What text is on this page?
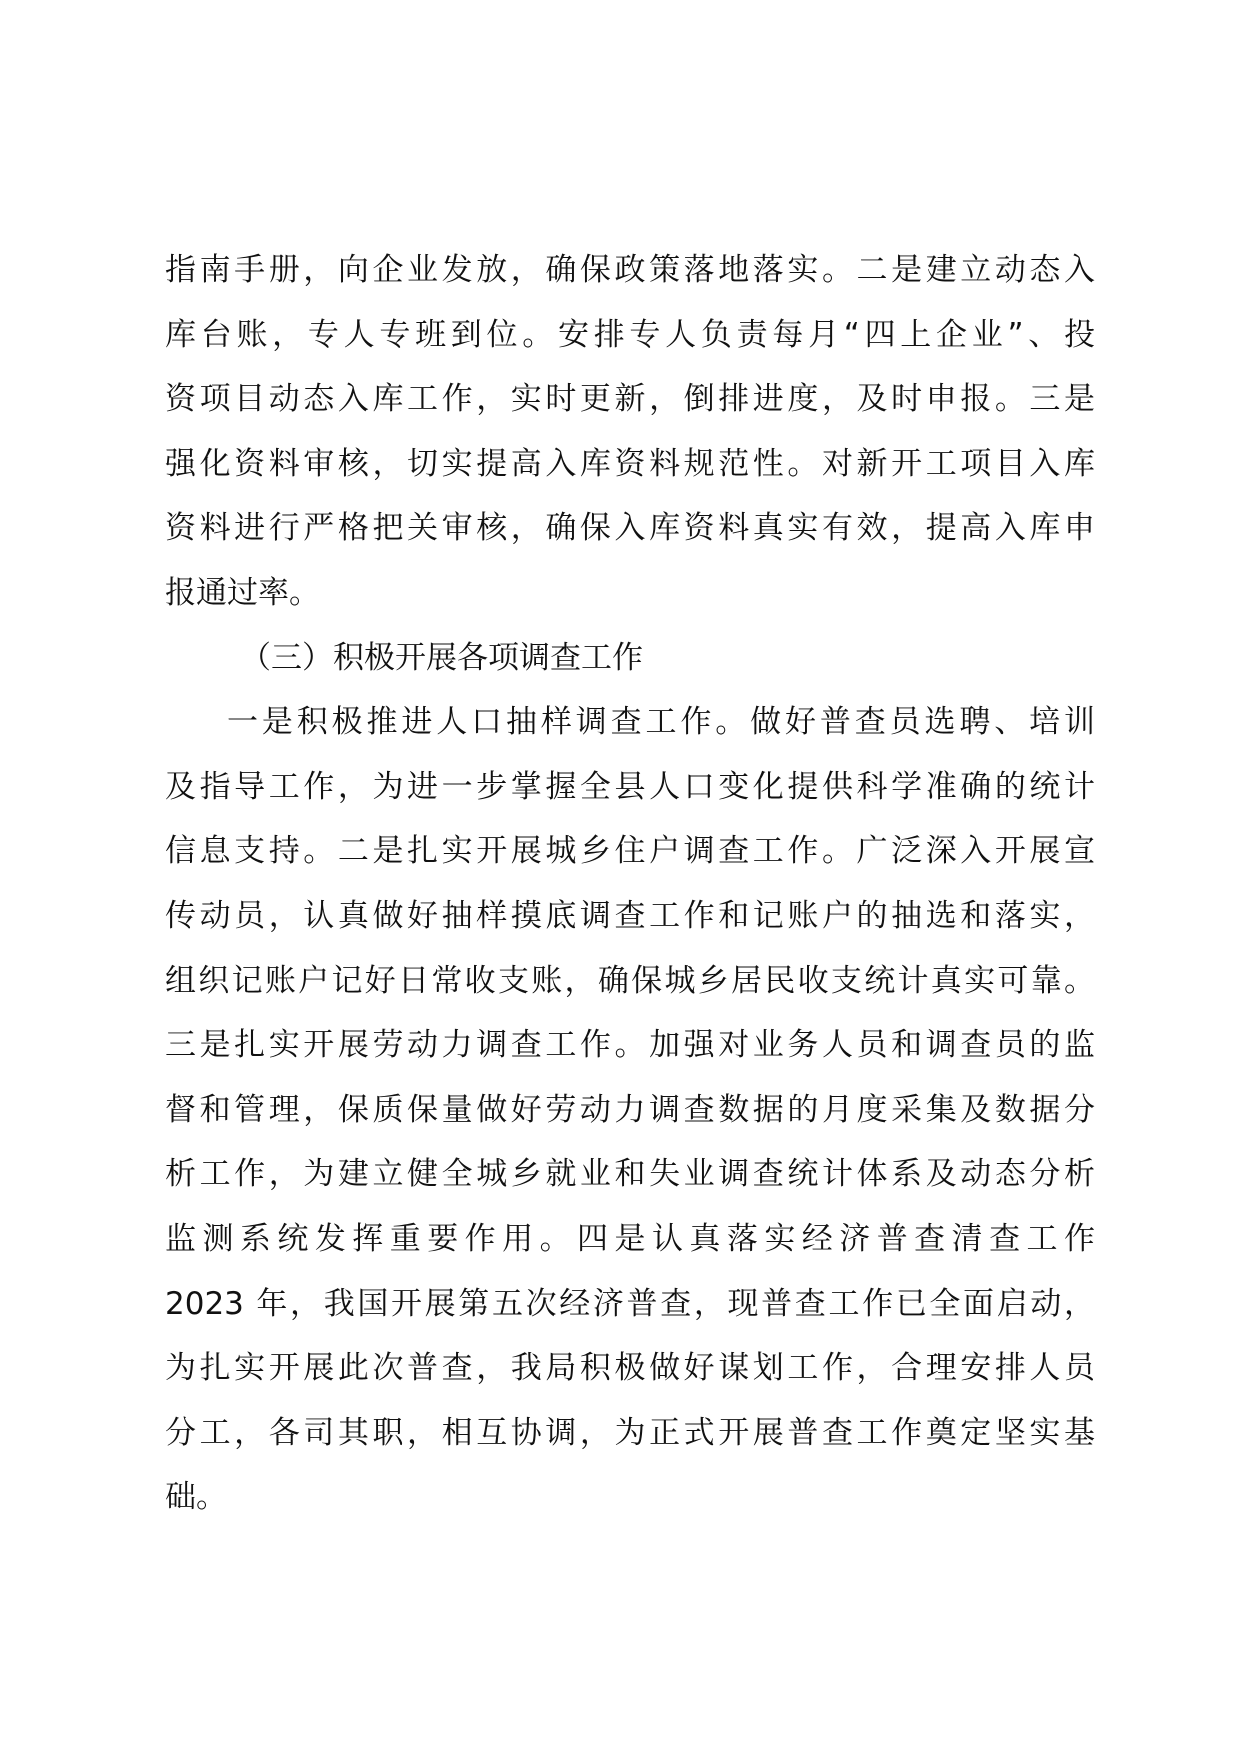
指南手册，向企业发放，确保政策落地落实。二是建立动态入
库台账，专人专班到位。安排专人负责每月“四上企业”、投
资项目动态入库工作，实时更新，倒排进度，及时申报。三是
强化资料审核，切实提高入库资料规范性。对新开工项目入库
资料进行严格把关审核，确保入库资料真实有效，提高入库申
报通过率。
（三）积极开展各项调查工作
一是积极推进人口抽样调查工作。做好普查员选聘、培训
及指导工作，为进一步掌握全县人口变化提供科学准确的统计
信息支持。二是扎实开展城乡住户调查工作。广泛深入开展宣
传动员，认真做好抽样摸底调查工作和记账户的抽选和落实，
组织记账户记好日常收支账，确保城乡居民收支统计真实可靠。
三是扎实开展劳动力调查工作。加强对业务人员和调查员的监
督和管理，保质保量做好劳动力调查数据的月度采集及数据分
析工作，为建立健全城乡就业和失业调查统计体系及动态分析
监测系统发挥重要作用。四是认真落实经济普查清查工作
2023 年，我国开展第五次经济普查，现普查工作已全面启动，
为扎实开展此次普查，我局积极做好谋划工作，合理安排人员
分工，各司其职，相互协调，为正式开展普查工作奠定坚实基
础。
